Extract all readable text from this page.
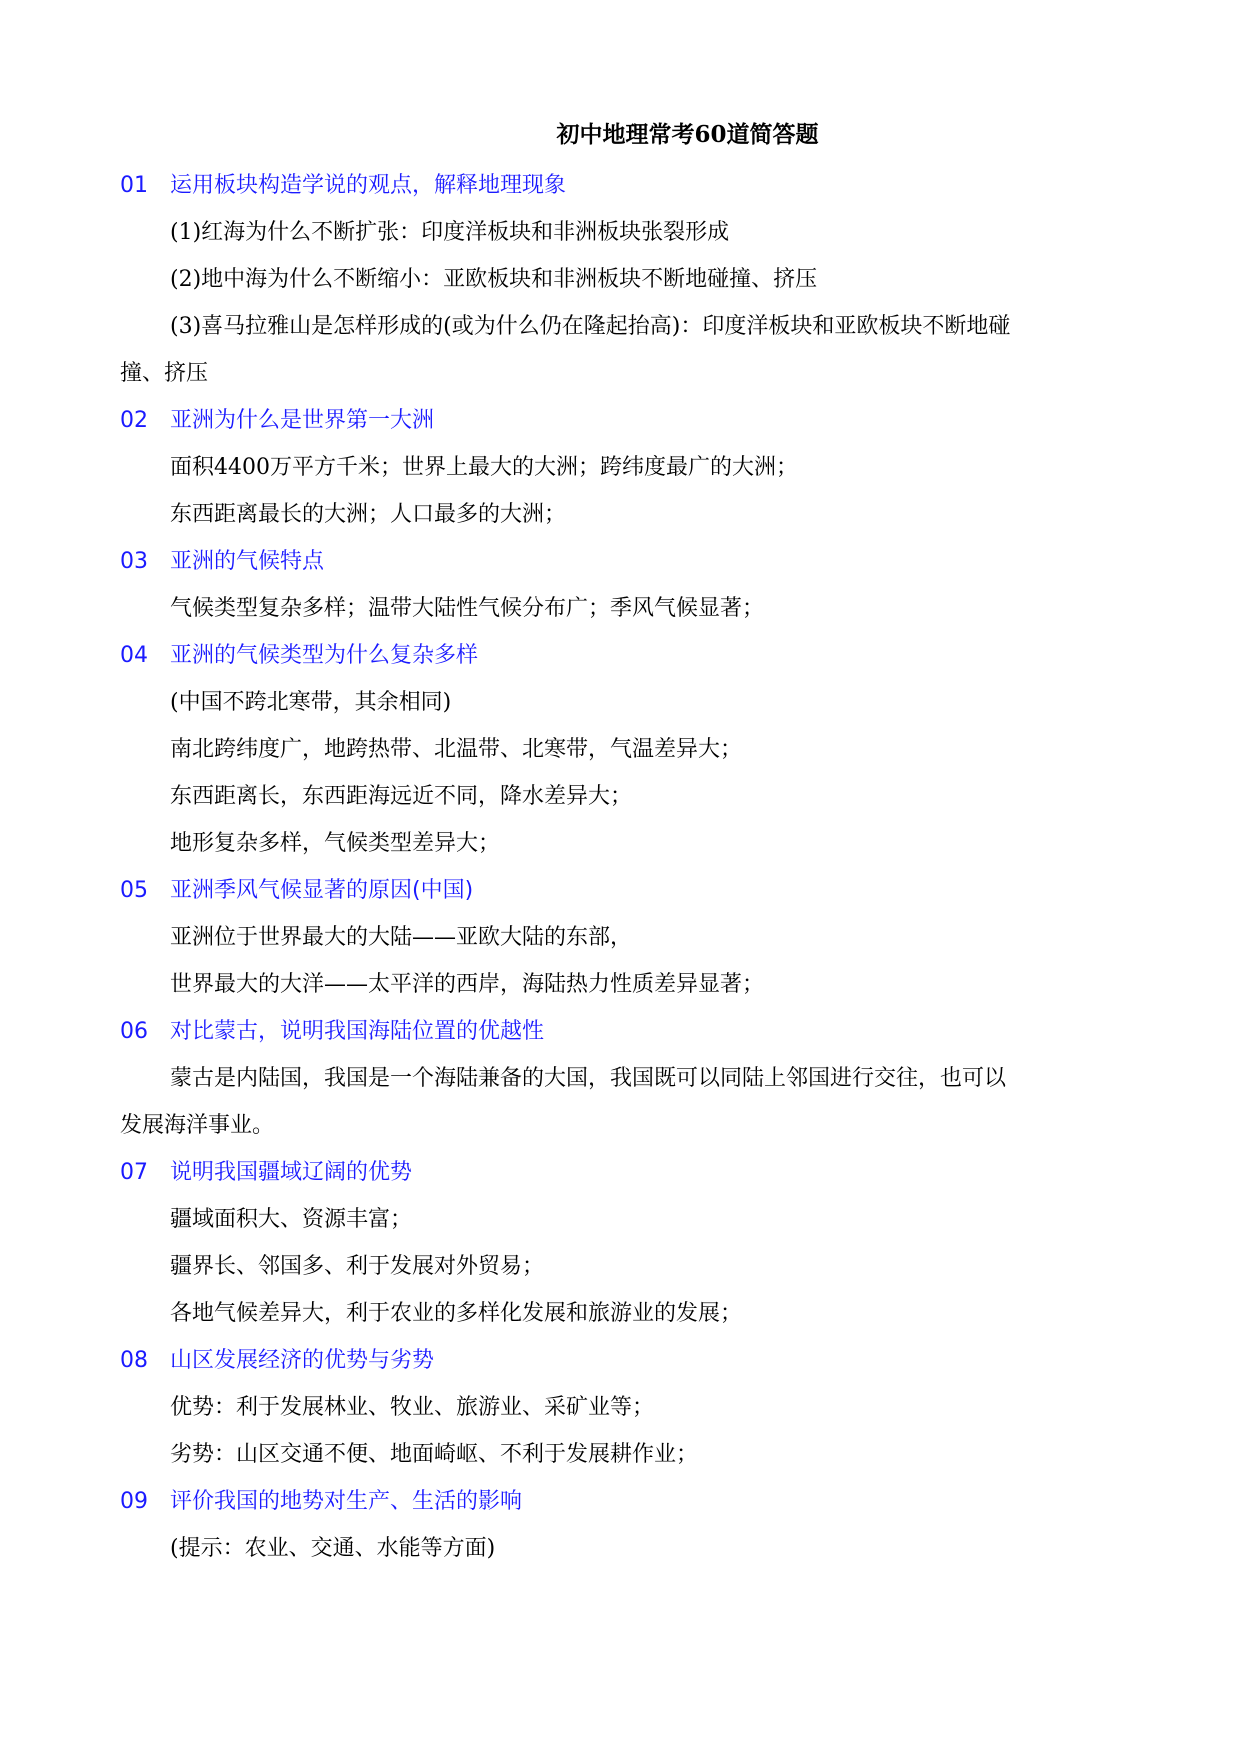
初中地理常考60道简答题
01 运用板块构造学说的观点，解释地理现象
(1)红海为什么不断扩张：印度洋板块和非洲板块张裂形成
(2)地中海为什么不断缩小：亚欧板块和非洲板块不断地碰撞、挤压
(3)喜马拉雅山是怎样形成的(或为什么仍在隆起抬高)：印度洋板块和亚欧板块不断地碰
撞、挤压
02 亚洲为什么是世界第一大洲
面积4400万平方千米；世界上最大的大洲；跨纬度最广的大洲；
东西距离最长的大洲；人口最多的大洲；
03 亚洲的气候特点
气候类型复杂多样；温带大陆性气候分布广；季风气候显著；
04 亚洲的气候类型为什么复杂多样
(中国不跨北寒带，其余相同)
南北跨纬度广，地跨热带、北温带、北寒带，气温差异大；
东西距离长，东西距海远近不同，降水差异大；
地形复杂多样，气候类型差异大；
05 亚洲季风气候显著的原因(中国)
亚洲位于世界最大的大陆——亚欧大陆的东部，
世界最大的大洋——太平洋的西岸，海陆热力性质差异显著；
06 对比蒙古，说明我国海陆位置的优越性
蒙古是内陆国，我国是一个海陆兼备的大国，我国既可以同陆上邻国进行交往，也可以
发展海洋事业。
07 说明我国疆域辽阔的优势
疆域面积大、资源丰富；
疆界长、邻国多、利于发展对外贸易；
各地气候差异大，利于农业的多样化发展和旅游业的发展；
08 山区发展经济的优势与劣势
优势：利于发展林业、牧业、旅游业、采矿业等；
劣势：山区交通不便、地面崎岖、不利于发展耕作业；
09 评价我国的地势对生产、生活的影响
(提示：农业、交通、水能等方面)
